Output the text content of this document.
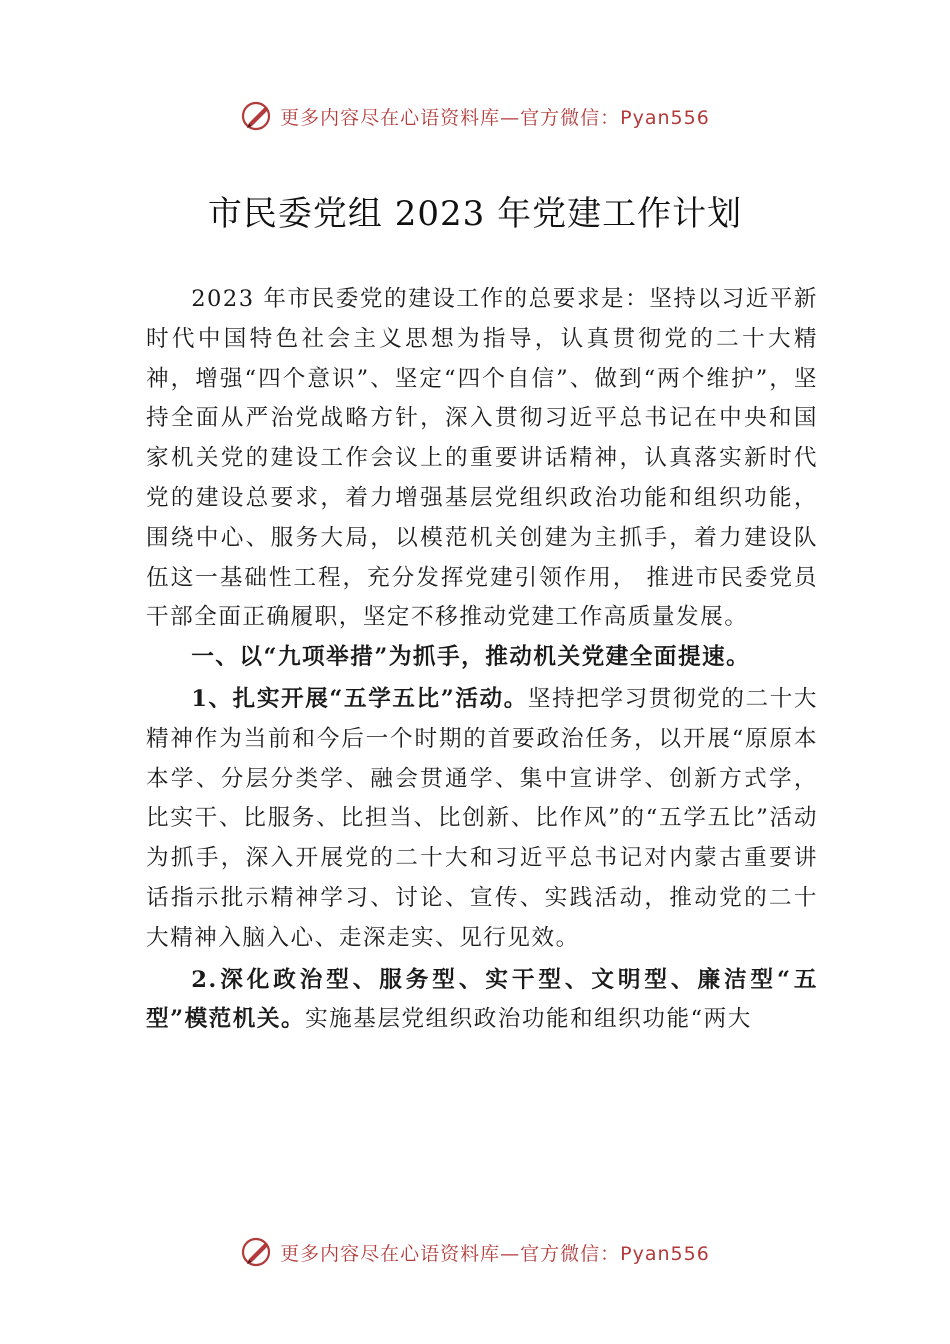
更多内容尽在心语资料库—官方微信：Pyan556
市民委党组 2023 年党建工作计划

2023 年市民委党的建设工作的总要求是：坚持以习近平新时代中国特色社会主义思想为指导，认真贯彻党的二十大精神，增强“四个意识”、坚定“四个自信”、做到“两个维护”，坚持全面从严治党战略方针，深入贯彻习近平总书记在中央和国家机关党的建设工作会议上的重要讲话精神，认真落实新时代党的建设总要求，着力增强基层党组织政治功能和组织功能，围绕中心、服务大局，以模范机关创建为主抓手，着力建设队伍这一基础性工程，充分发挥党建引领作用， 推进市民委党员干部全面正确履职，坚定不移推动党建工作高质量发展。

一、以“九项举措”为抓手，推动机关党建全面提速。

1、扎实开展“五学五比”活动。坚持把学习贯彻党的二十大精神作为当前和今后一个时期的首要政治任务，以开展“原原本本学、分层分类学、融会贯通学、集中宣讲学、创新方式学，比实干、比服务、比担当、比创新、比作风”的“五学五比”活动为抓手，深入开展党的二十大和习近平总书记对内蒙古重要讲话指示批示精神学习、讨论、宣传、实践活动，推动党的二十大精神入脑入心、走深走实、见行见效。

2.深化政治型、服务型、实干型、文明型、廉洁型“五型”模范机关。实施基层党组织政治功能和组织功能“两大

更多内容尽在心语资料库—官方微信：Pyan556
